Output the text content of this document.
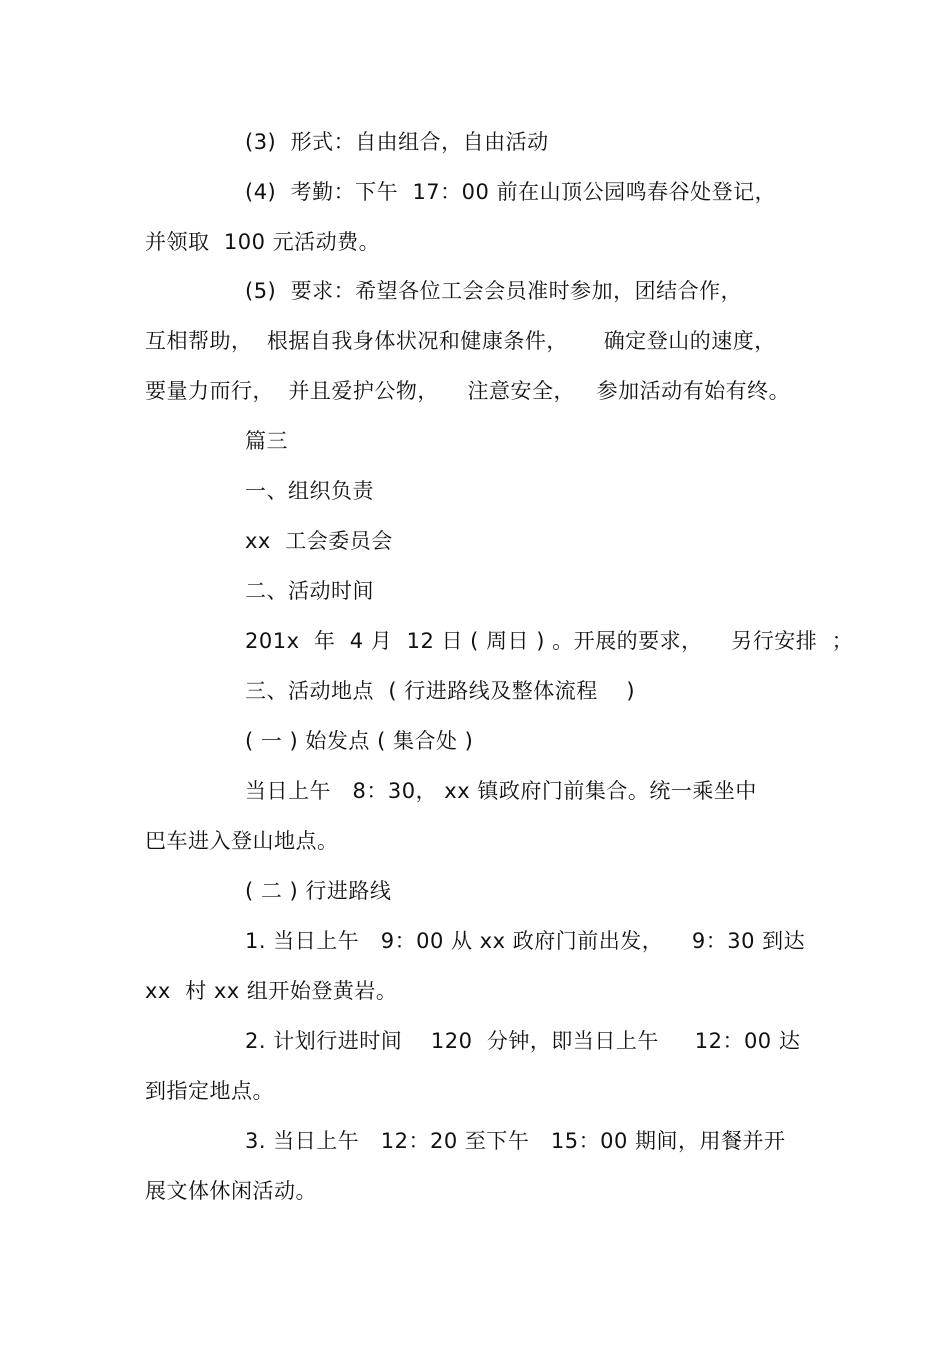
(3)  形式：自由组合，自由活动
(4)  考勤：下午  17：00 前在山顶公园鸣春谷处登记，
并领取  100 元活动费。
(5)  要求：希望各位工会会员准时参加，团结合作，
互相帮助，  根据自我身体状况和健康条件，     确定登山的速度，
要量力而行，  并且爱护公物，    注意安全，   参加活动有始有终。
篇三
一、组织负责
xx  工会委员会
二、活动时间
201x  年  4 月  12 日 ( 周日 ) 。开展的要求，    另行安排  ；
三、活动地点  ( 行进路线及整体流程    )
( 一 ) 始发点 ( 集合处 )
当日上午   8：30， xx 镇政府门前集合。统一乘坐中
巴车进入登山地点。
( 二 ) 行进路线
1. 当日上午   9：00 从 xx 政府门前出发，    9：30 到达
xx  村 xx 组开始登黄岩。
2. 计划行进时间    120  分钟，即当日上午     12：00 达
到指定地点。
3. 当日上午   12：20 至下午   15：00 期间，用餐并开
展文体休闲活动。
